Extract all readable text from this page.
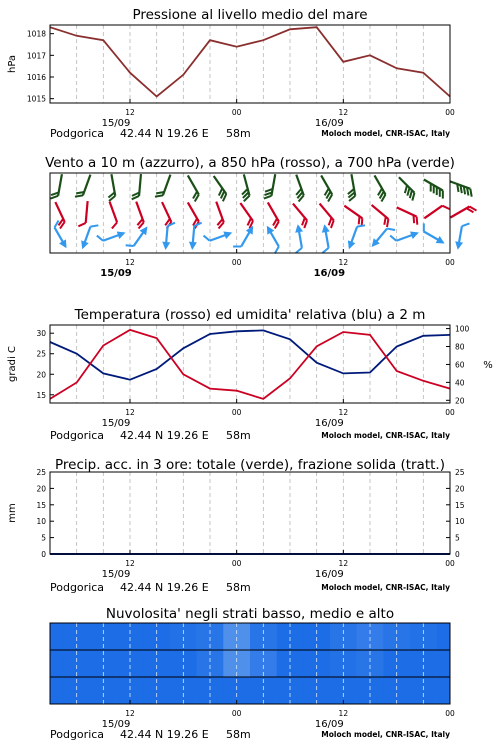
Pressione al livello medio del mare
hPa
1015
1016
1017
1018
12	00	12	00
15/09	16/09
Podgorica 42.44 N 19.26 E 58m	Moloch model, CNR-ISAC, Italy
Vento a 10 m (azzurro), a 850 hPa (rosso), a 700 hPa (verde)
12	00	12	00
15/09	16/09
Temperatura (rosso) ed umidita' relativa (blu) a 2 m
gradi C	%
15
20
25
30
20
40
60
80
100
12	00	12	00
15/09	16/09
Podgorica 42.44 N 19.26 E 58m	Moloch model, CNR-ISAC, Italy
Precip. acc. in 3 ore: totale (verde), frazione solida (tratt.)
mm
0
5
10
15
20
25
0
5
10
15
20
25
12	00	12	00
15/09	16/09
Podgorica 42.44 N 19.26 E 58m	Moloch model, CNR-ISAC, Italy
Nuvolosita' negli strati basso, medio e alto
12	00	12	00
15/09	16/09
Podgorica 42.44 N 19.26 E 58m	Moloch model, CNR-ISAC, Italy
